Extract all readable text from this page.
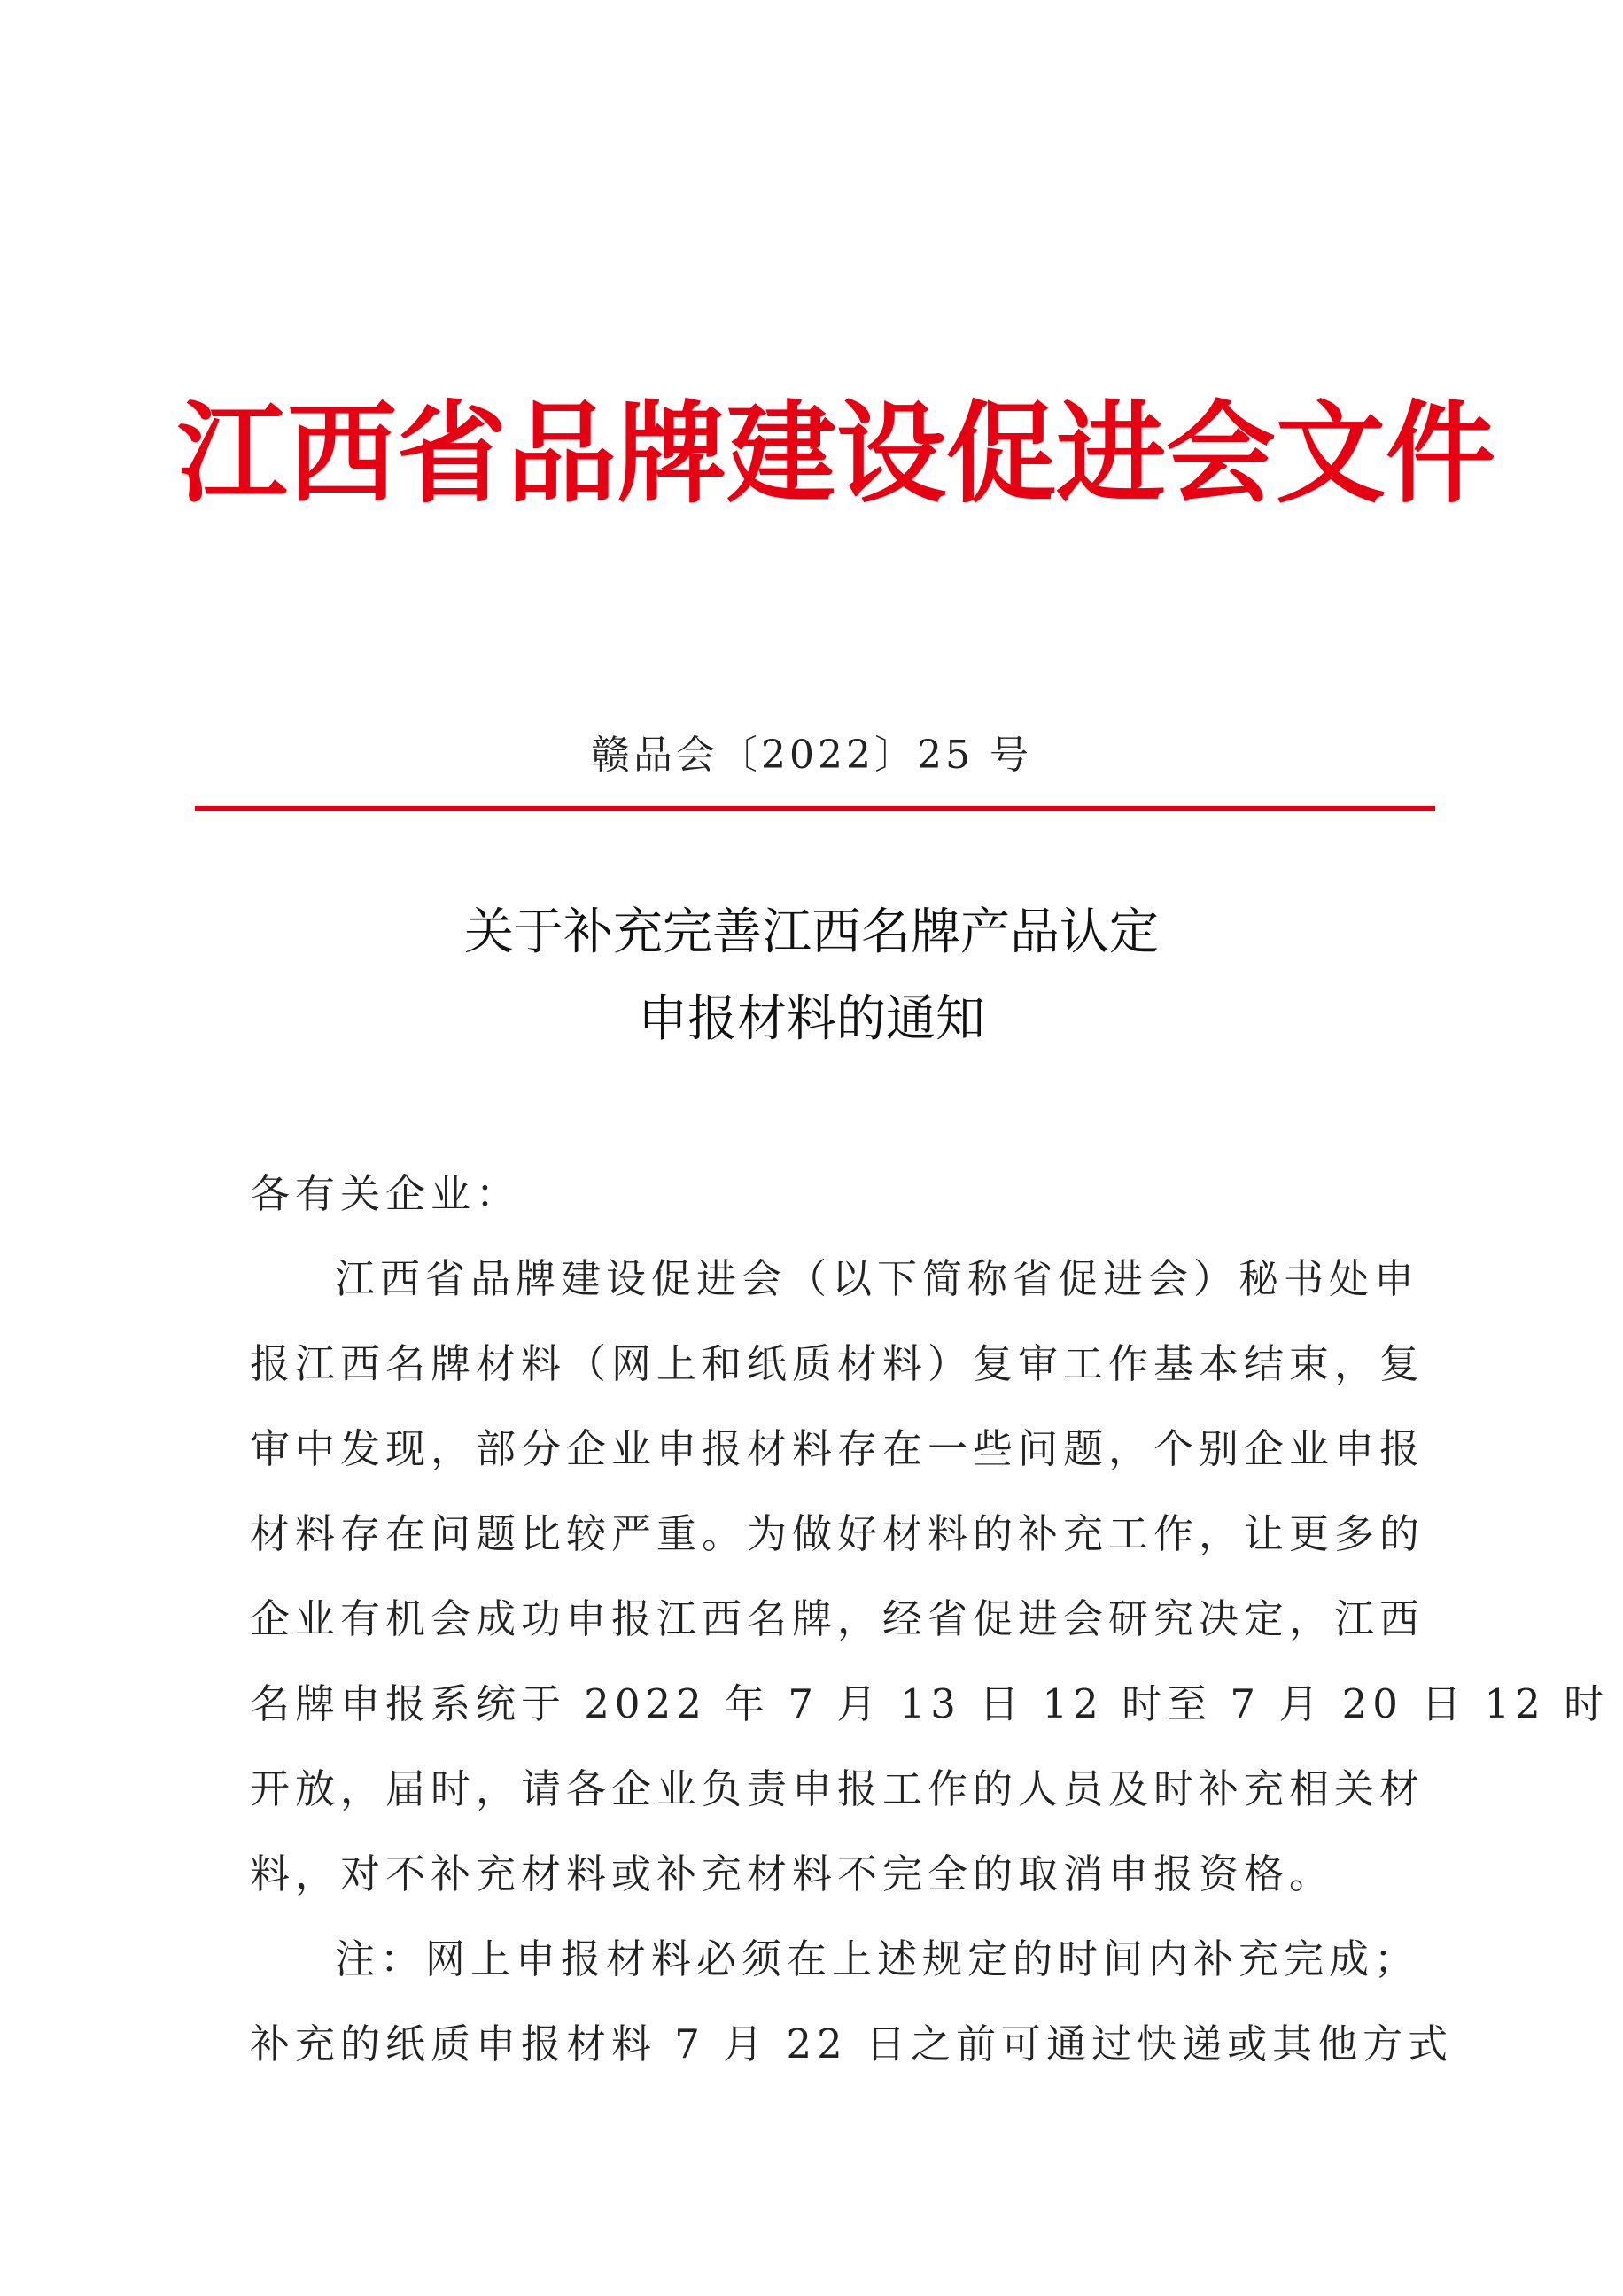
江西省品牌建设促进会文件
赣品会〔2022〕25 号
关于补充完善江西名牌产品认定
申报材料的通知
各有关企业：
江西省品牌建设促进会（以下简称省促进会）秘书处申
报江西名牌材料（网上和纸质材料）复审工作基本结束，复
审中发现，部分企业申报材料存在一些问题，个别企业申报
材料存在问题比较严重。为做好材料的补充工作，让更多的
企业有机会成功申报江西名牌，经省促进会研究决定，江西
名牌申报系统于 2022 年 7 月 13 日 12 时至 7 月 20 日 12 时
开放，届时，请各企业负责申报工作的人员及时补充相关材
料，对不补充材料或补充材料不完全的取消申报资格。
注：网上申报材料必须在上述规定的时间内补充完成；
补充的纸质申报材料 7 月 22 日之前可通过快递或其他方式
